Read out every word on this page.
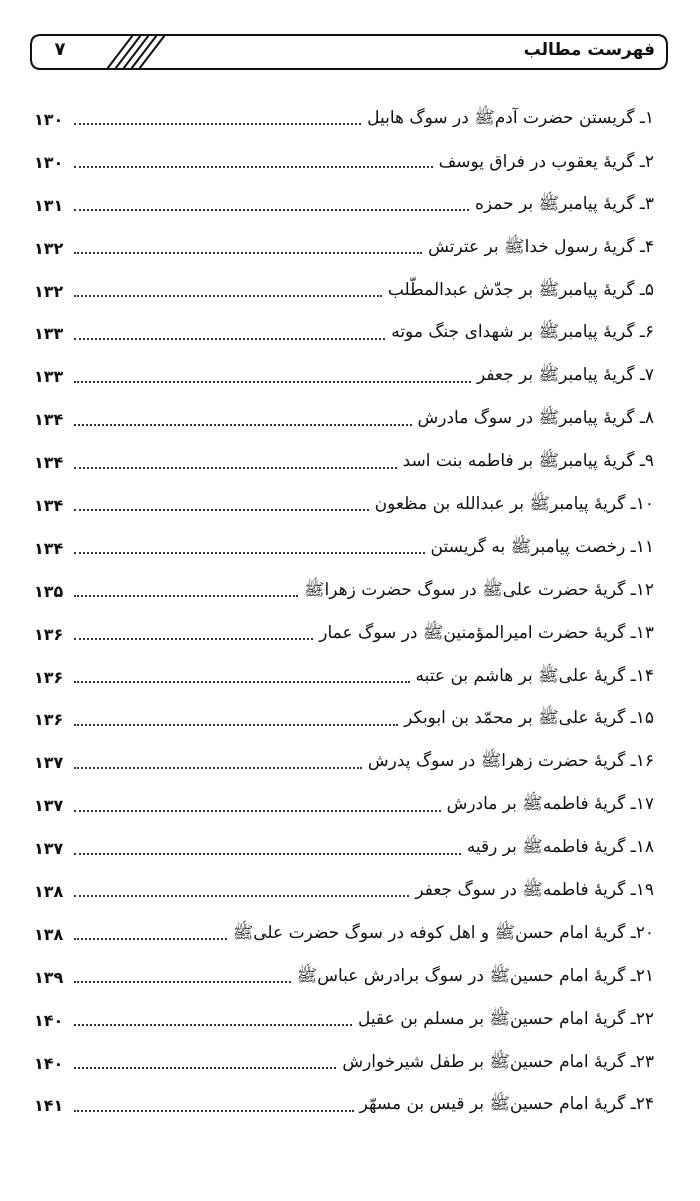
۷	فهرست مطالب
۱ـ گریستن حضرت آدمﷺ در سوگ هابیل
۱۳۰
۲ـ گریهٔ یعقوب در فراق یوسف
۱۳۰
۳ـ گریهٔ پیامبرﷺ بر حمزه
۱۳۱
۴ـ گریهٔ رسول خداﷺ بر عترتش
۱۳۲
۵ـ گریهٔ پیامبرﷺ بر جدّش عبدالمطّلب
۱۳۲
۶ـ گریهٔ پیامبرﷺ بر شهدای جنگ موته
۱۳۳
۷ـ گریهٔ پیامبرﷺ بر جعفر
۱۳۳
۸ـ گریهٔ پیامبرﷺ در سوگ مادرش
۱۳۴
۹ـ گریهٔ پیامبرﷺ بر فاطمه بنت اسد
۱۳۴
۱۰ـ گریهٔ پیامبرﷺ بر عبدالله بن مظعون
۱۳۴
۱۱ـ رخصت پیامبرﷺ به گریستن
۱۳۴
۱۲ـ گریهٔ حضرت علیﷺ در سوگ حضرت زهراﷺ
۱۳۵
۱۳ـ گریهٔ حضرت امیرالمؤمنینﷺ در سوگ عمار
۱۳۶
۱۴ـ گریهٔ علیﷺ بر هاشم بن عتبه
۱۳۶
۱۵ـ گریهٔ علیﷺ بر محمّد بن ابوبکر
۱۳۶
۱۶ـ گریهٔ حضرت زهراﷺ در سوگ پدرش
۱۳۷
۱۷ـ گریهٔ فاطمهﷺ بر مادرش
۱۳۷
۱۸ـ گریهٔ فاطمهﷺ بر رقیه
۱۳۷
۱۹ـ گریهٔ فاطمهﷺ در سوگ جعفر
۱۳۸
۲۰ـ گریهٔ امام حسنﷺ و اهل کوفه در سوگ حضرت علیﷺ
۱۳۸
۲۱ـ گریهٔ امام حسینﷺ در سوگ برادرش عباسﷺ
۱۳۹
۲۲ـ گریهٔ امام حسینﷺ بر مسلم بن عقیل
۱۴۰
۲۳ـ گریهٔ امام حسینﷺ بر طفل شیرخوارش
۱۴۰
۲۴ـ گریهٔ امام حسینﷺ بر قیس بن مسهّر
۱۴۱
